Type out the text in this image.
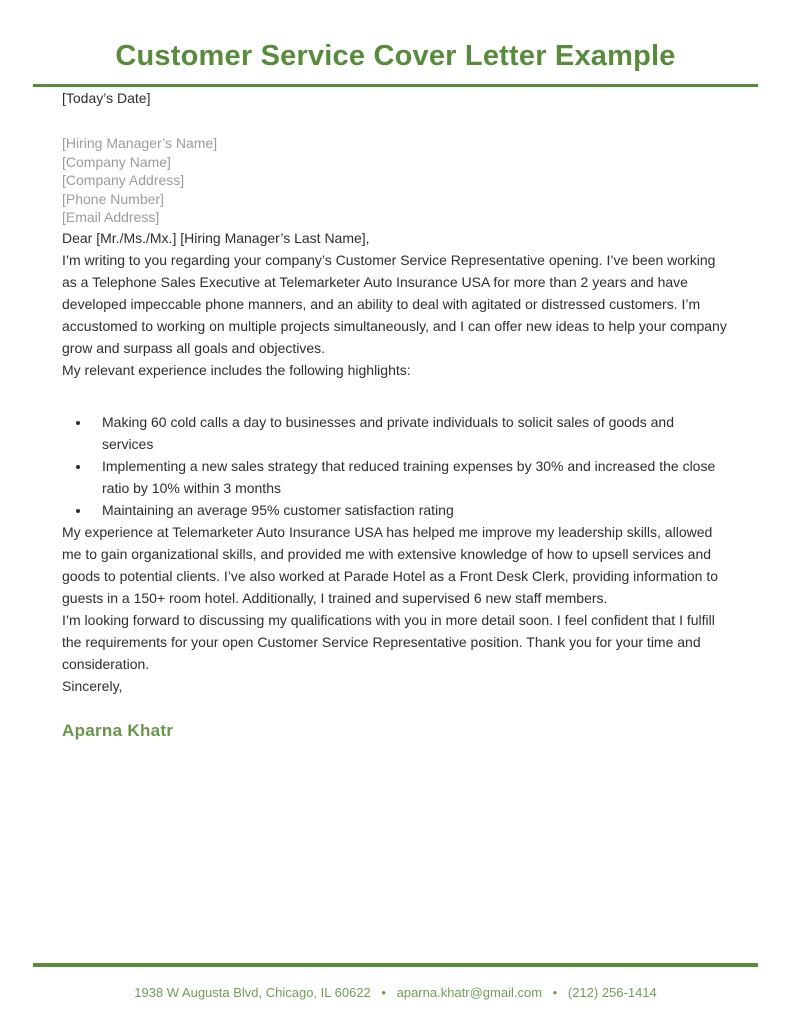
Customer Service Cover Letter Example

[Today’s Date]

[Hiring Manager’s Name]

[Company Name]

[Company Address]

[Phone Number]

[Email Address]

Dear [Mr./Ms./Mx.] [Hiring Manager’s Last Name],

I’m writing to you regarding your company’s Customer Service Representative opening. I’ve been working as a Telephone Sales Executive at Telemarketer Auto Insurance USA for more than 2 years and have developed impeccable phone manners, and an ability to deal with agitated or distressed customers. I’m accustomed to working on multiple projects simultaneously, and I can offer new ideas to help your company grow and surpass all goals and objectives.

My relevant experience includes the following highlights:

• Making 60 cold calls a day to businesses and private individuals to solicit sales of goods and services
• Implementing a new sales strategy that reduced training expenses by 30% and increased the close ratio by 10% within 3 months
• Maintaining an average 95% customer satisfaction rating

My experience at Telemarketer Auto Insurance USA has helped me improve my leadership skills, allowed me to gain organizational skills, and provided me with extensive knowledge of how to upsell services and goods to potential clients. I’ve also worked at Parade Hotel as a Front Desk Clerk, providing information to guests in a 150+ room hotel. Additionally, I trained and supervised 6 new staff members.

I’m looking forward to discussing my qualifications with you in more detail soon. I feel confident that I fulfill the requirements for your open Customer Service Representative position. Thank you for your time and consideration.

Sincerely,

Aparna Khatr

1938 W Augusta Blvd, Chicago, IL 60622 • aparna.khatr@gmail.com • (212) 256-1414
